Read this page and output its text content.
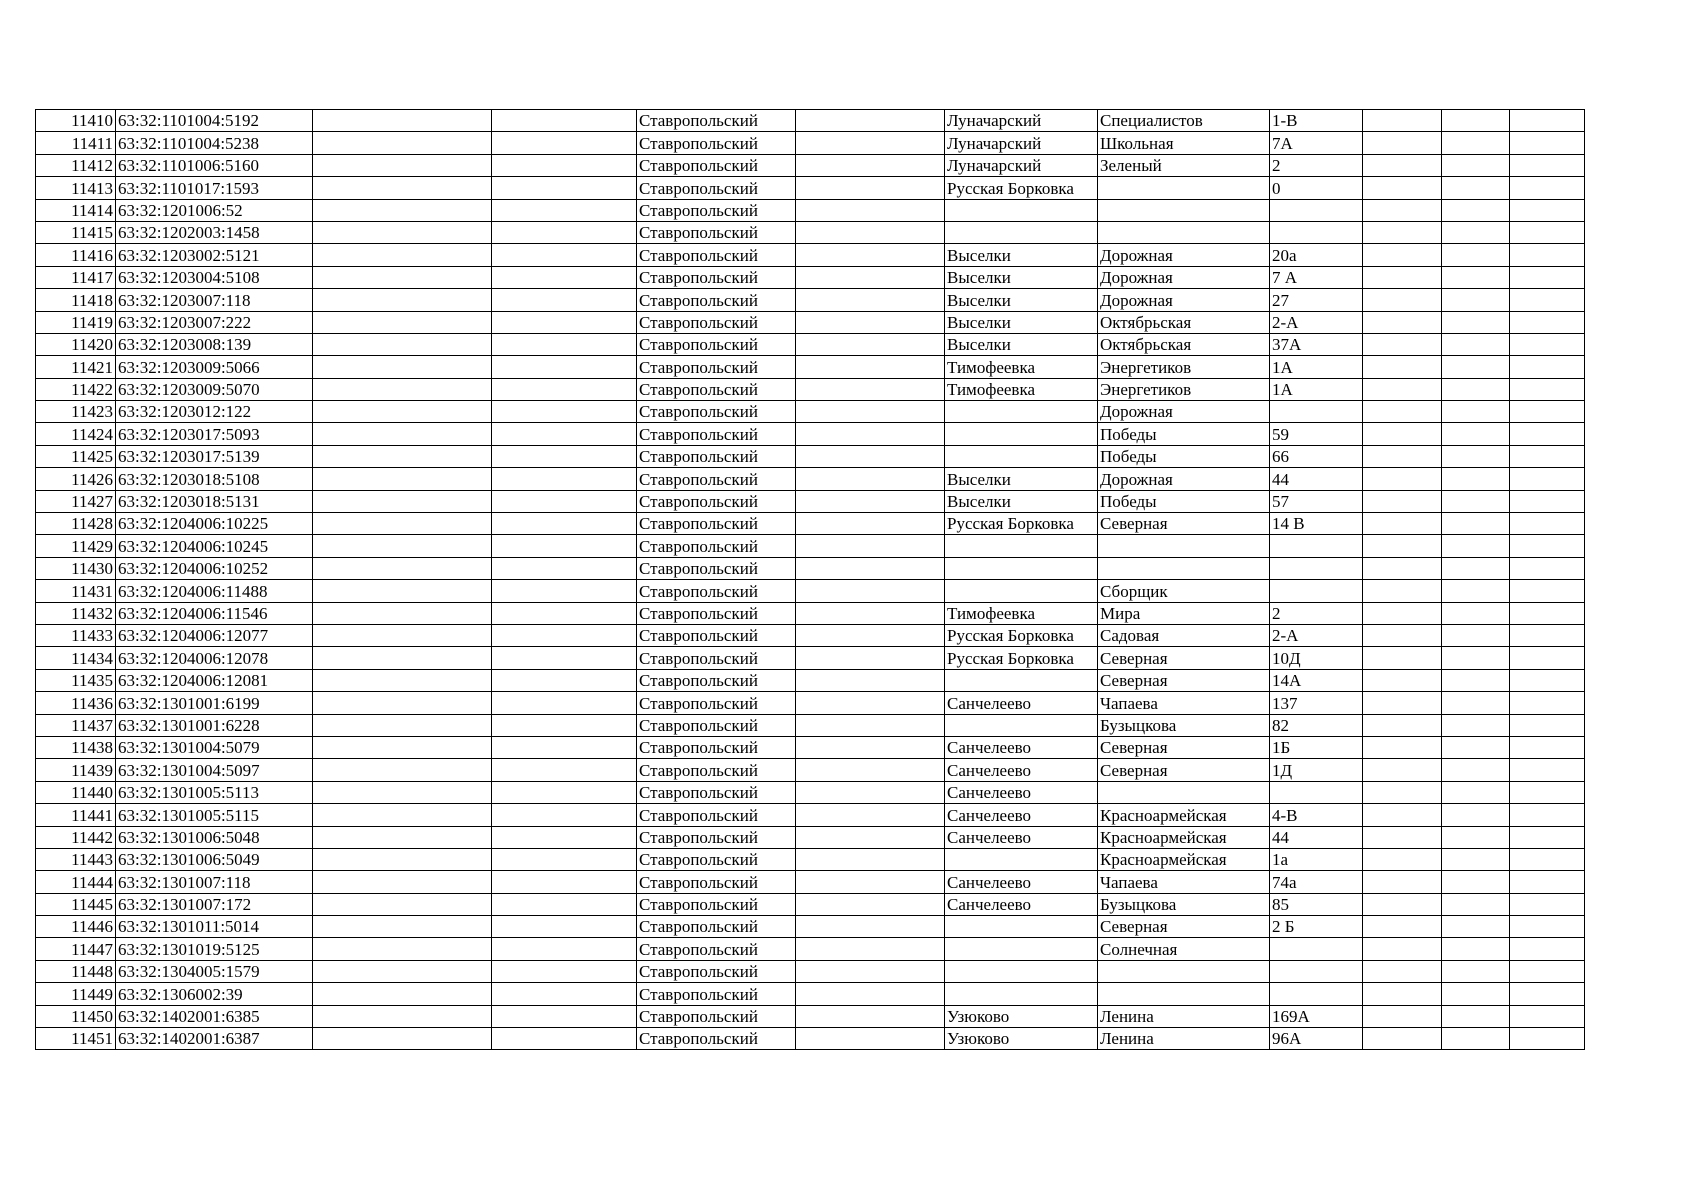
11410	63:32:1101004:5192			Ставропольский		Луначарский	Специалистов	1-В			
11411	63:32:1101004:5238			Ставропольский		Луначарский	Школьная	7А			
11412	63:32:1101006:5160			Ставропольский		Луначарский	Зеленый	2			
11413	63:32:1101017:1593			Ставропольский		Русская Борковка		0			
11414	63:32:1201006:52			Ставропольский							
11415	63:32:1202003:1458			Ставропольский							
11416	63:32:1203002:5121			Ставропольский		Выселки	Дорожная	20а			
11417	63:32:1203004:5108			Ставропольский		Выселки	Дорожная	7 А			
11418	63:32:1203007:118			Ставропольский		Выселки	Дорожная	27			
11419	63:32:1203007:222			Ставропольский		Выселки	Октябрьская	2-А			
11420	63:32:1203008:139			Ставропольский		Выселки	Октябрьская	37А			
11421	63:32:1203009:5066			Ставропольский		Тимофеевка	Энергетиков	1А			
11422	63:32:1203009:5070			Ставропольский		Тимофеевка	Энергетиков	1А			
11423	63:32:1203012:122			Ставропольский			Дорожная				
11424	63:32:1203017:5093			Ставропольский			Победы	59			
11425	63:32:1203017:5139			Ставропольский			Победы	66			
11426	63:32:1203018:5108			Ставропольский		Выселки	Дорожная	44			
11427	63:32:1203018:5131			Ставропольский		Выселки	Победы	57			
11428	63:32:1204006:10225			Ставропольский		Русская Борковка	Северная	14 В			
11429	63:32:1204006:10245			Ставропольский							
11430	63:32:1204006:10252			Ставропольский							
11431	63:32:1204006:11488			Ставропольский			Сборщик				
11432	63:32:1204006:11546			Ставропольский		Тимофеевка	Мира	2			
11433	63:32:1204006:12077			Ставропольский		Русская Борковка	Садовая	2-А			
11434	63:32:1204006:12078			Ставропольский		Русская Борковка	Северная	10Д			
11435	63:32:1204006:12081			Ставропольский			Северная	14А			
11436	63:32:1301001:6199			Ставропольский		Санчелеево	Чапаева	137			
11437	63:32:1301001:6228			Ставропольский			Бузыцкова	82			
11438	63:32:1301004:5079			Ставропольский		Санчелеево	Северная	1Б			
11439	63:32:1301004:5097			Ставропольский		Санчелеево	Северная	1Д			
11440	63:32:1301005:5113			Ставропольский		Санчелеево					
11441	63:32:1301005:5115			Ставропольский		Санчелеево	Красноармейская	4-В			
11442	63:32:1301006:5048			Ставропольский		Санчелеево	Красноармейская	44			
11443	63:32:1301006:5049			Ставропольский			Красноармейская	1а			
11444	63:32:1301007:118			Ставропольский		Санчелеево	Чапаева	74а			
11445	63:32:1301007:172			Ставропольский		Санчелеево	Бузыцкова	85			
11446	63:32:1301011:5014			Ставропольский			Северная	2 Б			
11447	63:32:1301019:5125			Ставропольский			Солнечная				
11448	63:32:1304005:1579			Ставропольский							
11449	63:32:1306002:39			Ставропольский							
11450	63:32:1402001:6385			Ставропольский		Узюково	Ленина	169А			
11451	63:32:1402001:6387			Ставропольский		Узюково	Ленина	96А			
